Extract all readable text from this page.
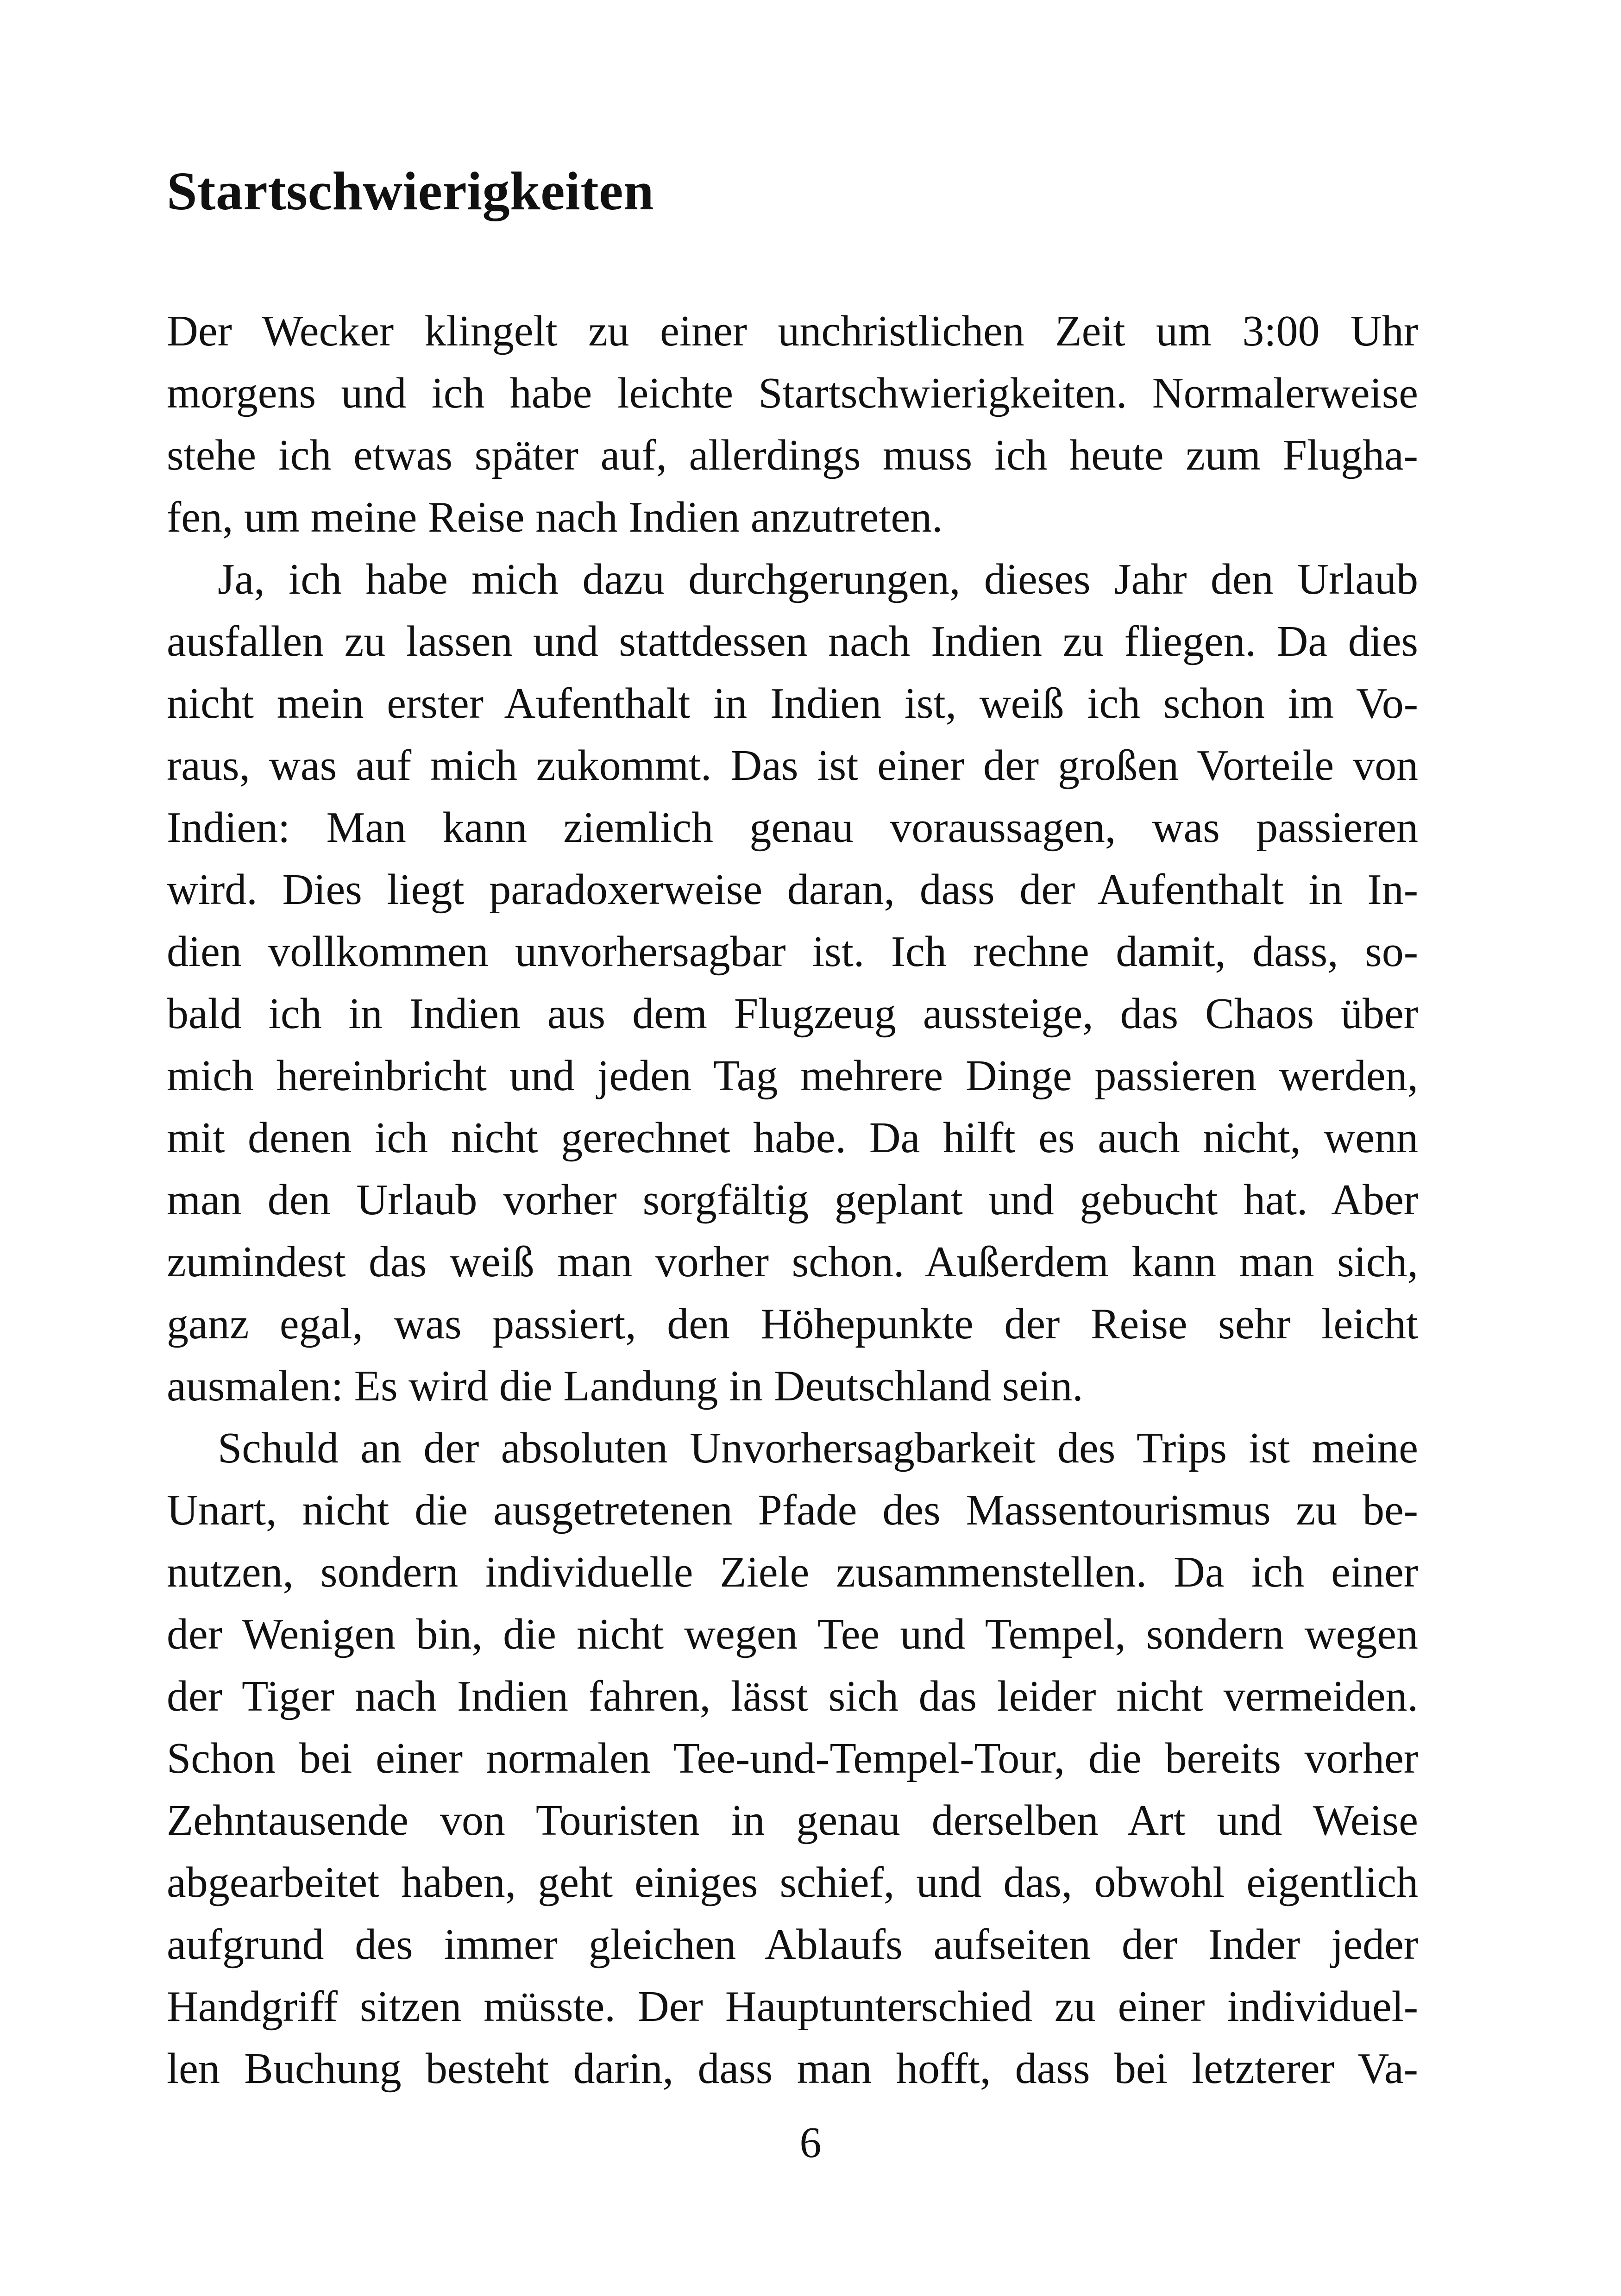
Startschwierigkeiten
Der Wecker klingelt zu einer unchristlichen Zeit um 3:00 Uhr
morgens und ich habe leichte Startschwierigkeiten. Normalerweise
stehe ich etwas später auf, allerdings muss ich heute zum Flugha-
fen, um meine Reise nach Indien anzutreten.
Ja, ich habe mich dazu durchgerungen, dieses Jahr den Urlaub
ausfallen zu lassen und stattdessen nach Indien zu fliegen. Da dies
nicht mein erster Aufenthalt in Indien ist, weiß ich schon im Vo-
raus, was auf mich zukommt. Das ist einer der großen Vorteile von
Indien: Man kann ziemlich genau voraussagen, was passieren
wird. Dies liegt paradoxerweise daran, dass der Aufenthalt in In-
dien vollkommen unvorhersagbar ist. Ich rechne damit, dass, so-
bald ich in Indien aus dem Flugzeug aussteige, das Chaos über
mich hereinbricht und jeden Tag mehrere Dinge passieren werden,
mit denen ich nicht gerechnet habe. Da hilft es auch nicht, wenn
man den Urlaub vorher sorgfältig geplant und gebucht hat. Aber
zumindest das weiß man vorher schon. Außerdem kann man sich,
ganz egal, was passiert, den Höhepunkte der Reise sehr leicht
ausmalen: Es wird die Landung in Deutschland sein.
Schuld an der absoluten Unvorhersagbarkeit des Trips ist meine
Unart, nicht die ausgetretenen Pfade des Massentourismus zu be-
nutzen, sondern individuelle Ziele zusammenstellen. Da ich einer
der Wenigen bin, die nicht wegen Tee und Tempel, sondern wegen
der Tiger nach Indien fahren, lässt sich das leider nicht vermeiden.
Schon bei einer normalen Tee-und-Tempel-Tour, die bereits vorher
Zehntausende von Touristen in genau derselben Art und Weise
abgearbeitet haben, geht einiges schief, und das, obwohl eigentlich
aufgrund des immer gleichen Ablaufs aufseiten der Inder jeder
Handgriff sitzen müsste. Der Hauptunterschied zu einer individuel-
len Buchung besteht darin, dass man hofft, dass bei letzterer Va-
6
